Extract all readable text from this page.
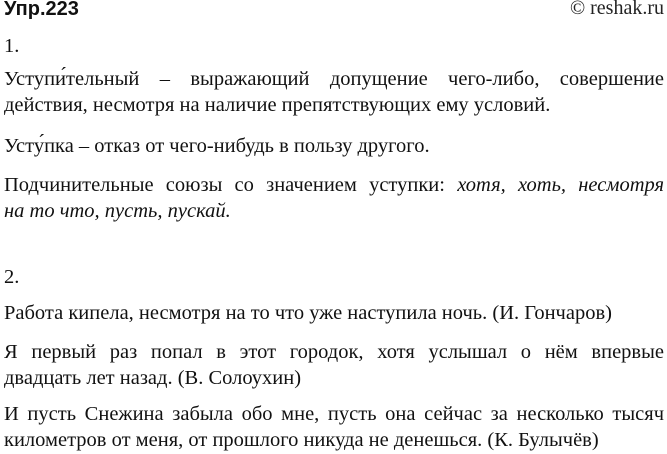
Упр.223	© reshak.ru
1.
Уступи́тельный – выражающий допущение чего-либо, совершение
действия, несмотря на наличие препятствующих ему условий.
Усту́пка – отказ от чего-нибудь в пользу другого.
Подчинительные союзы со значением уступки: хотя, хоть, несмотря
на то что, пусть, пускай.
2.
Работа кипела, несмотря на то что уже наступила ночь. (И. Гончаров)
Я первый раз попал в этот городок, хотя услышал о нём впервые
двадцать лет назад. (В. Солоухин)
И пусть Снежина забыла обо мне, пусть она сейчас за несколько тысяч
километров от меня, от прошлого никуда не денешься. (К. Булычёв)
